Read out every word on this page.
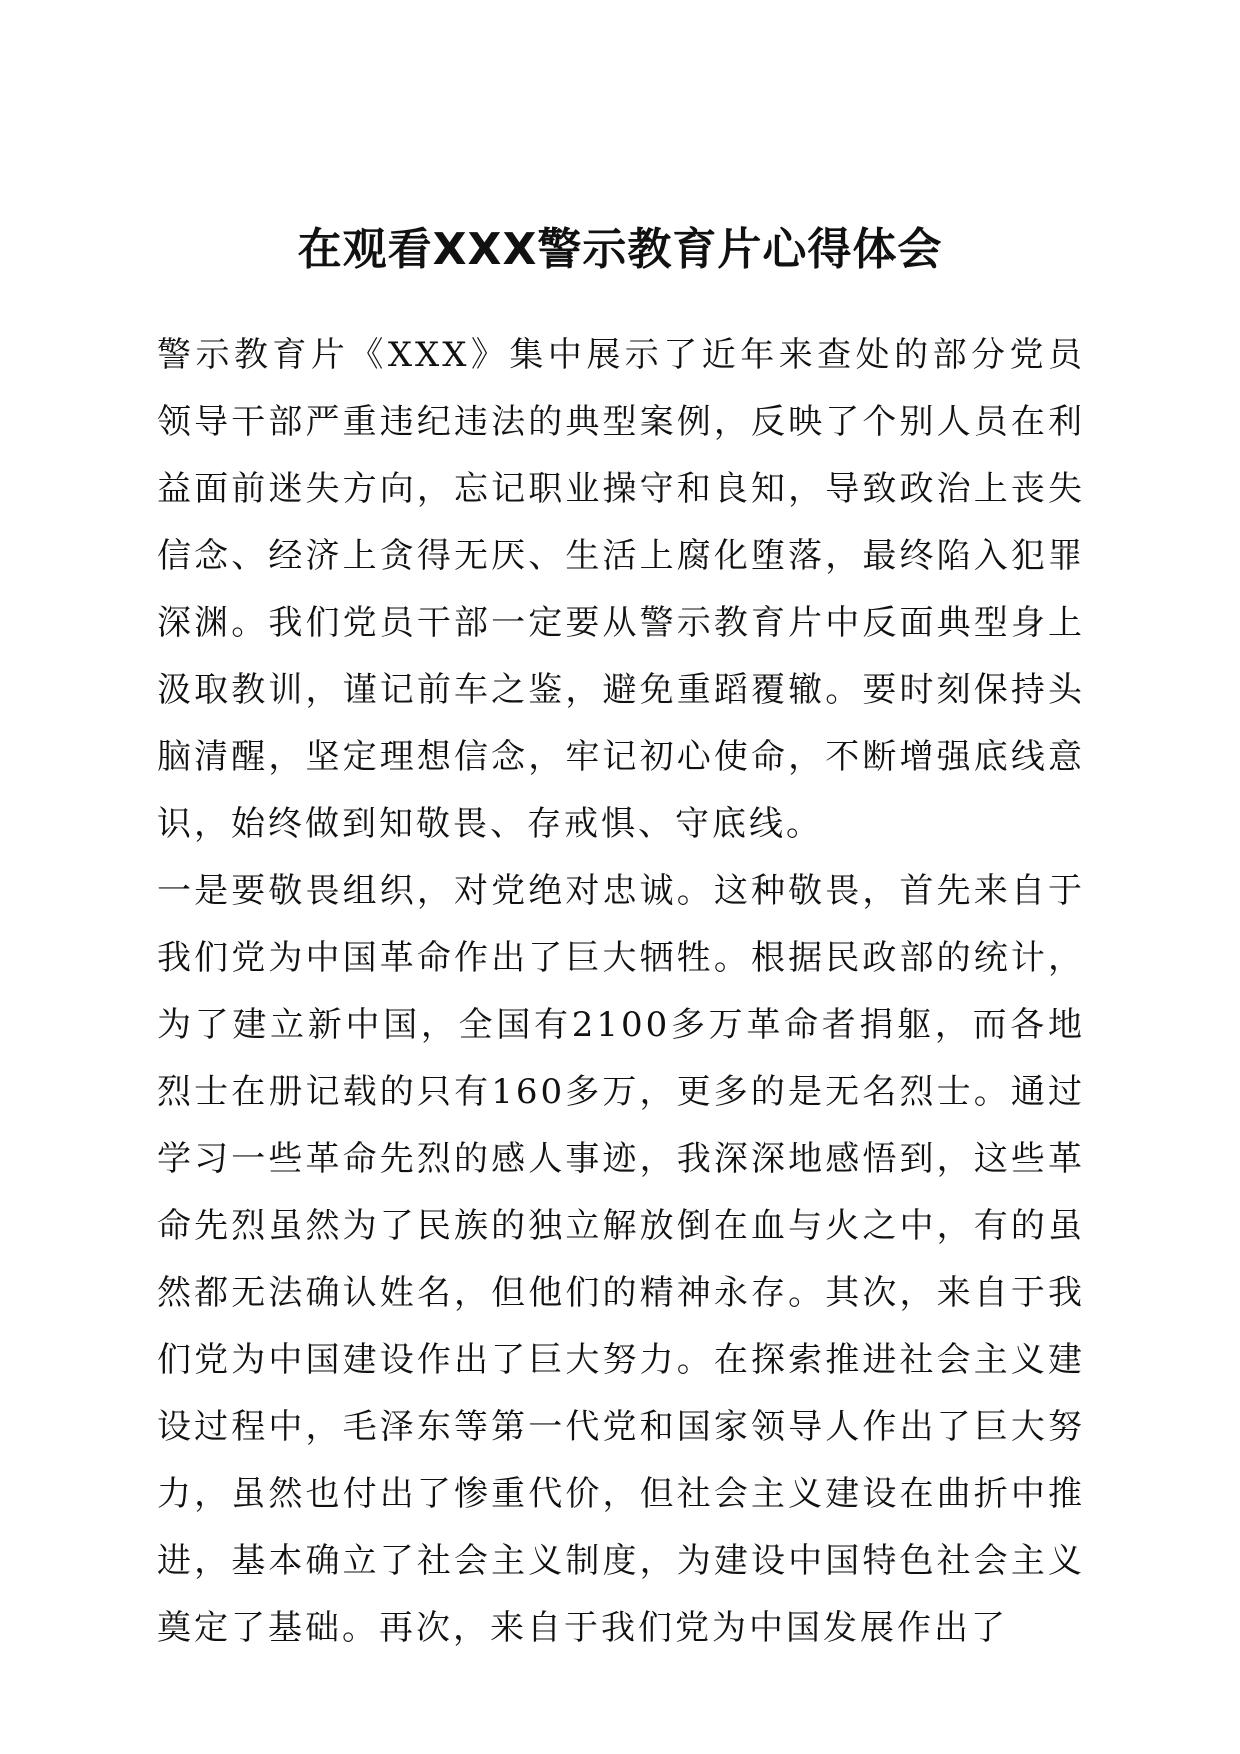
在观看XXX警示教育片心得体会

警示教育片《XXX》集中展示了近年来查处的部分党员领导干部严重违纪违法的典型案例，反映了个别人员在利益面前迷失方向，忘记职业操守和良知，导致政治上丧失信念、经济上贪得无厌、生活上腐化堕落，最终陷入犯罪深渊。我们党员干部一定要从警示教育片中反面典型身上汲取教训，谨记前车之鉴，避免重蹈覆辙。要时刻保持头脑清醒，坚定理想信念，牢记初心使命，不断增强底线意识，始终做到知敬畏、存戒惧、守底线。

一是要敬畏组织，对党绝对忠诚。这种敬畏，首先来自于我们党为中国革命作出了巨大牺牲。根据民政部的统计，为了建立新中国，全国有2100多万革命者捐躯，而各地烈士在册记载的只有160多万，更多的是无名烈士。通过学习一些革命先烈的感人事迹，我深深地感悟到，这些革命先烈虽然为了民族的独立解放倒在血与火之中，有的虽然都无法确认姓名，但他们的精神永存。其次，来自于我们党为中国建设作出了巨大努力。在探索推进社会主义建设过程中，毛泽东等第一代党和国家领导人作出了巨大努力，虽然也付出了惨重代价，但社会主义建设在曲折中推进，基本确立了社会主义制度，为建设中国特色社会主义奠定了基础。再次，来自于我们党为中国发展作出了
